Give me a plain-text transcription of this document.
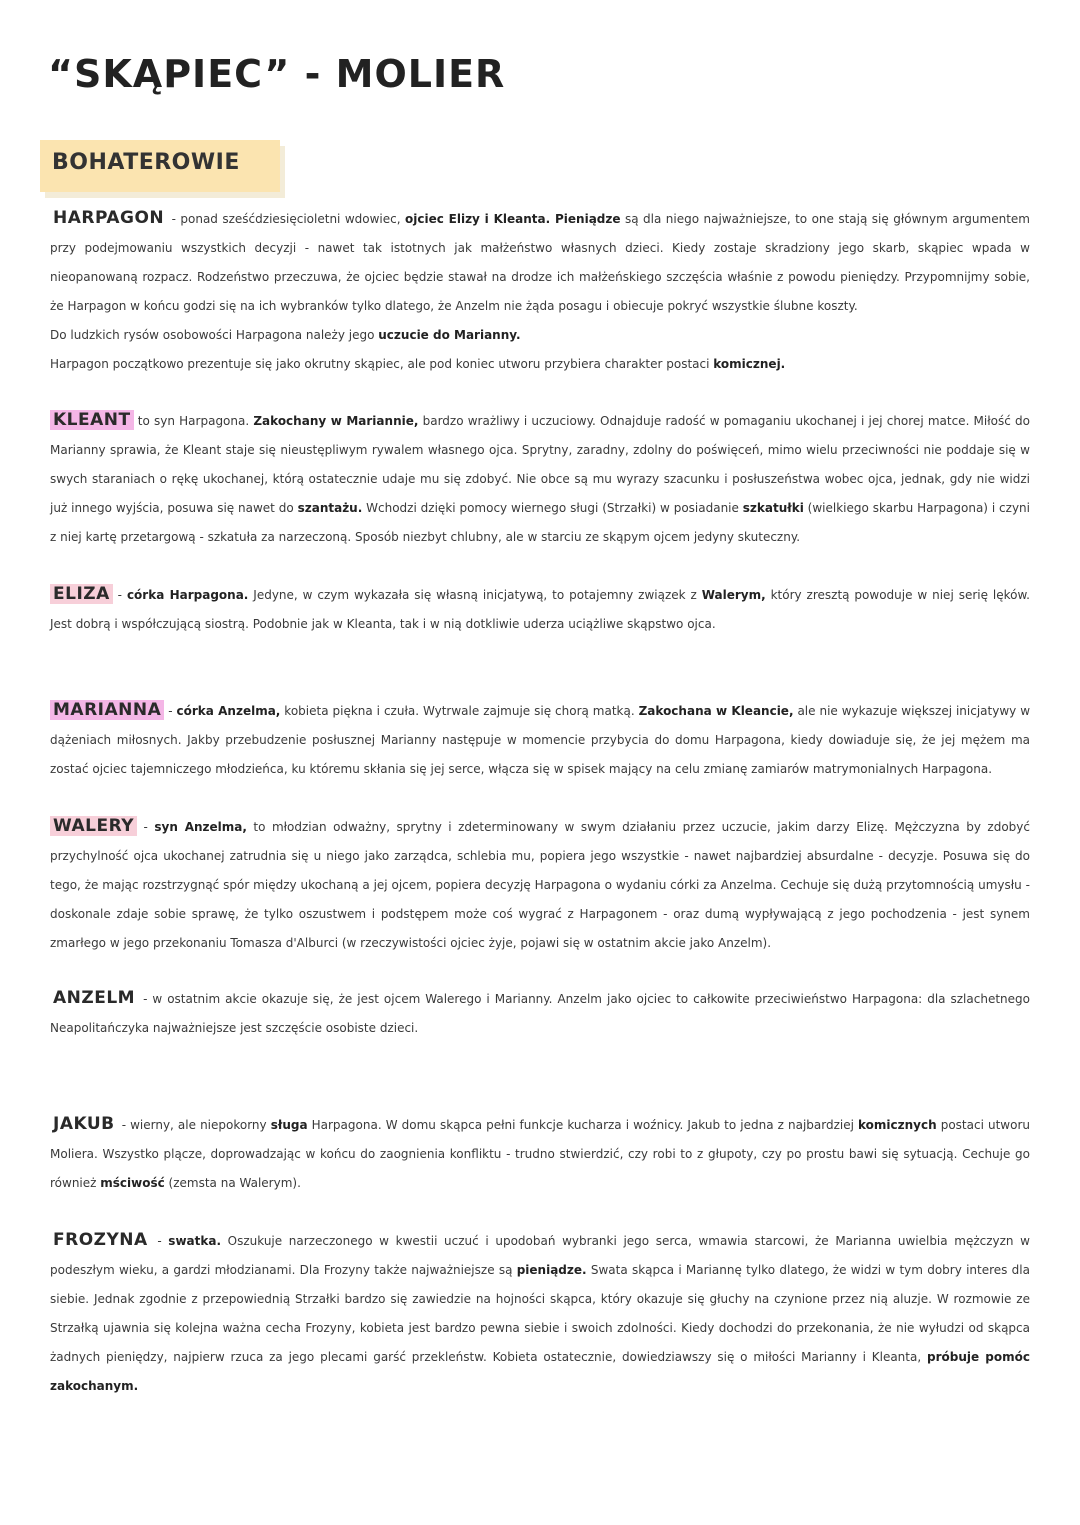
“SKĄPIEC” - MOLIER
BOHATEROWIE

HARPAGON - ponad sześćdziesięcioletni wdowiec, ojciec Elizy i Kleanta. Pieniądze są dla niego najważniejsze, to one stają się głównym argumentem przy podejmowaniu wszystkich decyzji - nawet tak istotnych jak małżeństwo własnych dzieci. Kiedy zostaje skradziony jego skarb, skąpiec wpada w nieopanowaną rozpacz. Rodzeństwo przeczuwa, że ojciec będzie stawał na drodze ich małżeńskiego szczęścia właśnie z powodu pieniędzy. Przypomnijmy sobie, że Harpagon w końcu godzi się na ich wybranków tylko dlatego, że Anzelm nie żąda posagu i obiecuje pokryć wszystkie ślubne koszty.

Do ludzkich rysów osobowości Harpagona należy jego uczucie do Marianny.

Harpagon początkowo prezentuje się jako okrutny skąpiec, ale pod koniec utworu przybiera charakter postaci komicznej.

KLEANT to syn Harpagona. Zakochany w Mariannie, bardzo wrażliwy i uczuciowy. Odnajduje radość w pomaganiu ukochanej i jej chorej matce. Miłość do Marianny sprawia, że Kleant staje się nieustępliwym rywalem własnego ojca. Sprytny, zaradny, zdolny do poświęceń, mimo wielu przeciwności nie poddaje się w swych staraniach o rękę ukochanej, którą ostatecznie udaje mu się zdobyć. Nie obce są mu wyrazy szacunku i posłuszeństwa wobec ojca, jednak, gdy nie widzi już innego wyjścia, posuwa się nawet do szantażu. Wchodzi dzięki pomocy wiernego sługi (Strzałki) w posiadanie szkatułki (wielkiego skarbu Harpagona) i czyni z niej kartę przetargową - szkatuła za narzeczoną. Sposób niezbyt chlubny, ale w starciu ze skąpym ojcem jedyny skuteczny.

ELIZA - córka Harpagona. Jedyne, w czym wykazała się własną inicjatywą, to potajemny związek z Walerym, który zresztą powoduje w niej serię lęków. Jest dobrą i współczującą siostrą. Podobnie jak w Kleanta, tak i w nią dotkliwie uderza uciążliwe skąpstwo ojca.

MARIANNA - córka Anzelma, kobieta piękna i czuła. Wytrwale zajmuje się chorą matką. Zakochana w Kleancie, ale nie wykazuje większej inicjatywy w dążeniach miłosnych. Jakby przebudzenie posłusznej Marianny następuje w momencie przybycia do domu Harpagona, kiedy dowiaduje się, że jej mężem ma zostać ojciec tajemniczego młodzieńca, ku któremu skłania się jej serce, włącza się w spisek mający na celu zmianę zamiarów matrymonialnych Harpagona.

WALERY - syn Anzelma, to młodzian odważny, sprytny i zdeterminowany w swym działaniu przez uczucie, jakim darzy Elizę. Mężczyzna by zdobyć przychylność ojca ukochanej zatrudnia się u niego jako zarządca, schlebia mu, popiera jego wszystkie - nawet najbardziej absurdalne - decyzje. Posuwa się do tego, że mając rozstrzygnąć spór między ukochaną a jej ojcem, popiera decyzję Harpagona o wydaniu córki za Anzelma. Cechuje się dużą przytomnością umysłu - doskonale zdaje sobie sprawę, że tylko oszustwem i podstępem może coś wygrać z Harpagonem - oraz dumą wypływającą z jego pochodzenia - jest synem zmarłego w jego przekonaniu Tomasza d'Alburci (w rzeczywistości ojciec żyje, pojawi się w ostatnim akcie jako Anzelm).

ANZELM - w ostatnim akcie okazuje się, że jest ojcem Walerego i Marianny. Anzelm jako ojciec to całkowite przeciwieństwo Harpagona: dla szlachetnego Neapolitańczyka najważniejsze jest szczęście osobiste dzieci.

JAKUB - wierny, ale niepokorny sługa Harpagona. W domu skąpca pełni funkcje kucharza i woźnicy. Jakub to jedna z najbardziej komicznych postaci utworu Moliera. Wszystko plącze, doprowadzając w końcu do zaognienia konfliktu - trudno stwierdzić, czy robi to z głupoty, czy po prostu bawi się sytuacją. Cechuje go również mściwość (zemsta na Walerym).

FROZYNA - swatka. Oszukuje narzeczonego w kwestii uczuć i upodobań wybranki jego serca, wmawia starcowi, że Marianna uwielbia mężczyzn w podeszłym wieku, a gardzi młodzianami. Dla Frozyny także najważniejsze są pieniądze. Swata skąpca i Mariannę tylko dlatego, że widzi w tym dobry interes dla siebie. Jednak zgodnie z przepowiednią Strzałki bardzo się zawiedzie na hojności skąpca, który okazuje się głuchy na czynione przez nią aluzje. W rozmowie ze Strzałką ujawnia się kolejna ważna cecha Frozyny, kobieta jest bardzo pewna siebie i swoich zdolności. Kiedy dochodzi do przekonania, że nie wyłudzi od skąpca żadnych pieniędzy, najpierw rzuca za jego plecami garść przekleństw. Kobieta ostatecznie, dowiedziawszy się o miłości Marianny i Kleanta, próbuje pomóc zakochanym.
